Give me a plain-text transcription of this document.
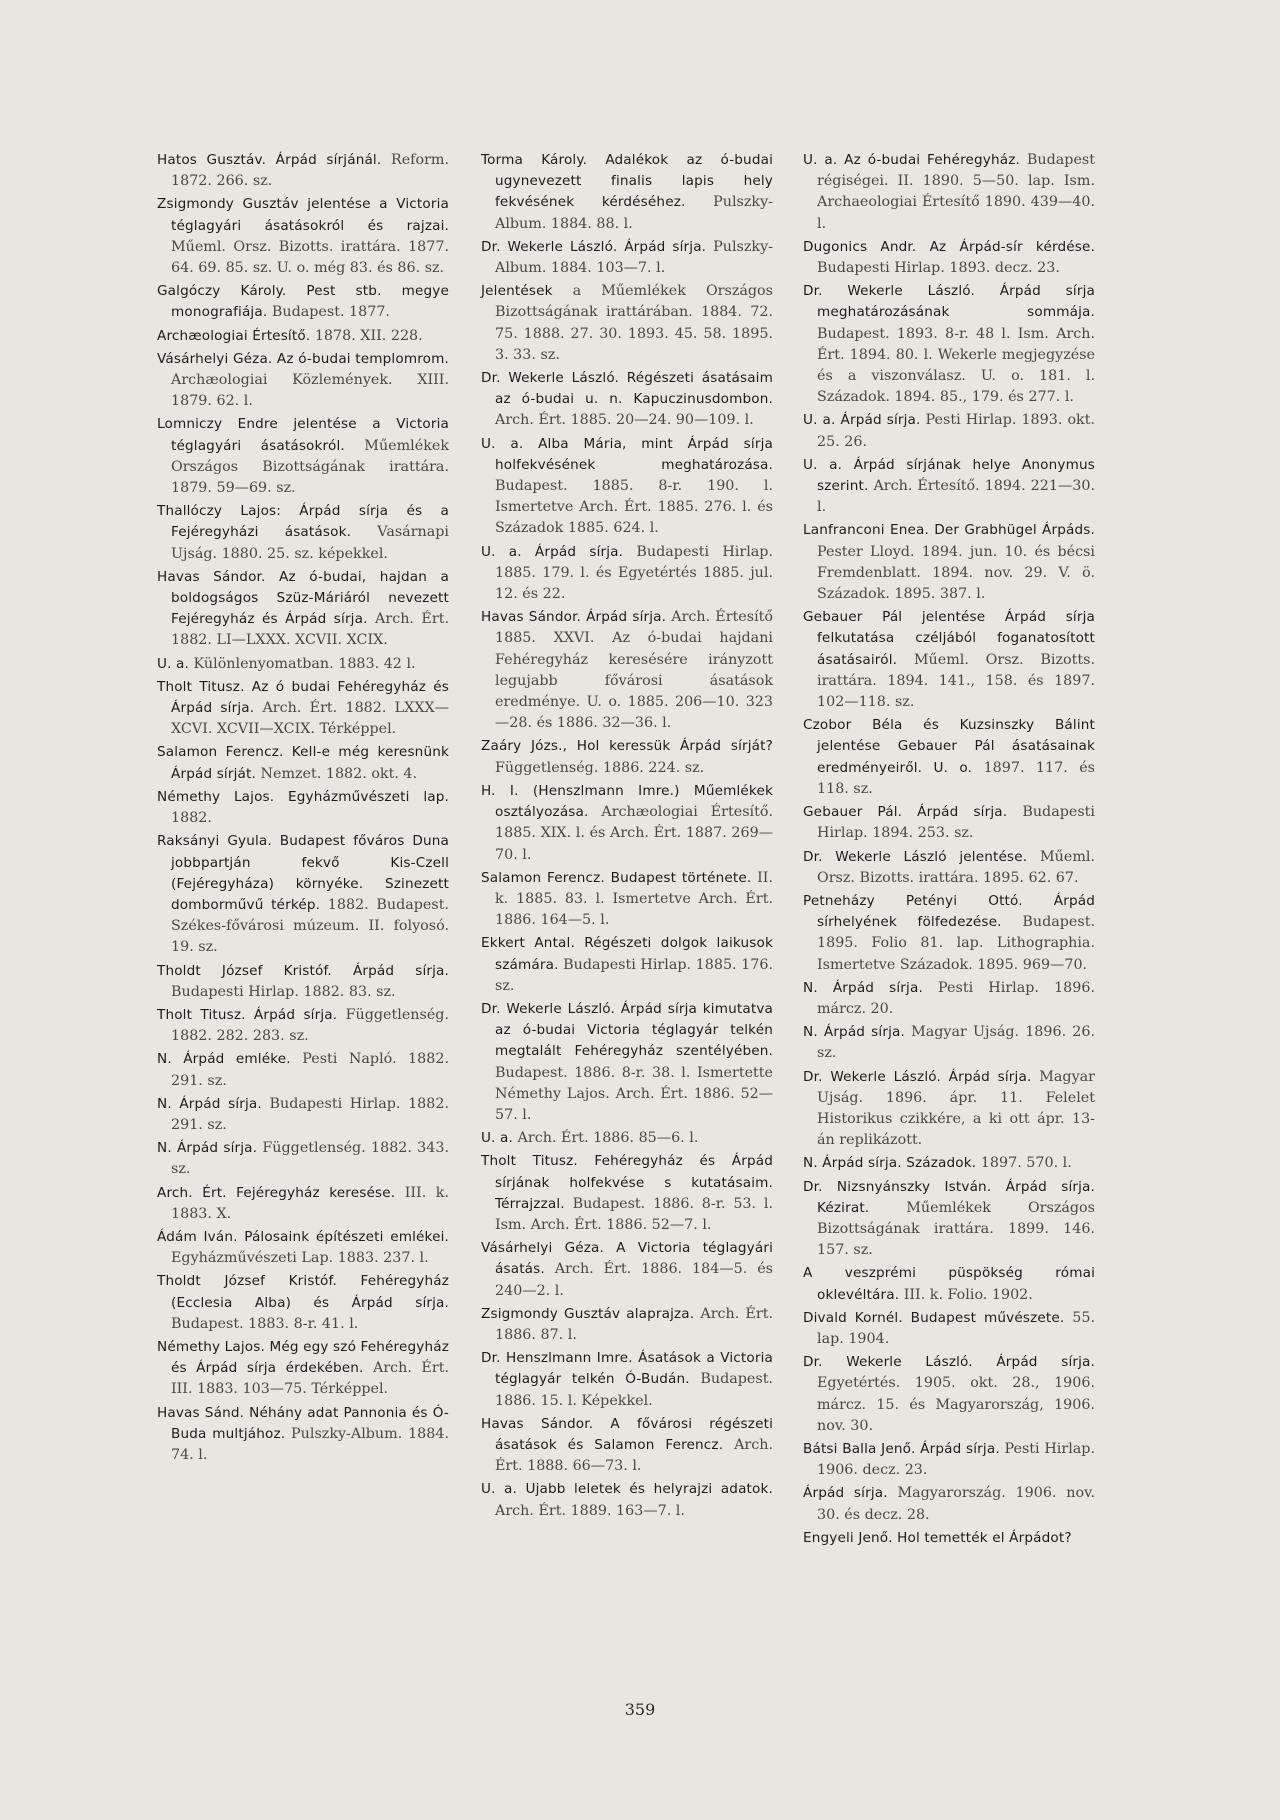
Hatos Gusztáv. Árpád sírjánál. Reform. 1872. 266. sz.

Zsigmondy Gusztáv jelentése a Victoria téglagyári ásatásokról és rajzai. Műeml. Orsz. Bizotts. irattára. 1877. 64. 69. 85. sz. U. o. még 83. és 86. sz.

Galgóczy Károly. Pest stb. megye monografiája. Budapest. 1877.

Archæologiai Értesítő. 1878. XII. 228.

Vásárhelyi Géza. Az ó-budai templomrom. Archæologiai Közlemények. XIII. 1879. 62. l.

Lomniczy Endre jelentése a Victoria téglagyári ásatásokról. Műemlékek Országos Bizottságának irattára. 1879. 59—69. sz.

Thallóczy Lajos: Árpád sírja és a Fejéregyházi ásatások. Vasárnapi Ujság. 1880. 25. sz. képekkel.

Havas Sándor. Az ó-budai, hajdan a boldogságos Szüz-Máriáról nevezett Fejéregyház és Árpád sírja. Arch. Ért. 1882. LI—LXXX. XCVII. XCIX.

U. a. Különlenyomatban. 1883. 42 l.

Tholt Titusz. Az ó budai Fehéregyház és Árpád sírja. Arch. Ért. 1882. LXXX—XCVI. XCVII—XCIX. Térképpel.

Salamon Ferencz. Kell-e még keresnünk Árpád sírját. Nemzet. 1882. okt. 4.

Némethy Lajos. Egyházművészeti lap. 1882.

Raksányi Gyula. Budapest főváros Duna jobbpartján fekvő Kis-Czell (Fejéregyháza) környéke. Szinezett domborművű térkép. 1882. Budapest. Székes-fővárosi múzeum. II. folyosó. 19. sz.

Tholdt József Kristóf. Árpád sírja. Budapesti Hirlap. 1882. 83. sz.

Tholt Titusz. Árpád sírja. Függetlenség. 1882. 282. 283. sz.

N. Árpád emléke. Pesti Napló. 1882. 291. sz.

N. Árpád sírja. Budapesti Hirlap. 1882. 291. sz.

N. Árpád sírja. Függetlenség. 1882. 343. sz.

Arch. Ért. Fejéregyház keresése. III. k. 1883. X.

Ádám Iván. Pálosaink építészeti emlékei. Egyházművészeti Lap. 1883. 237. l.

Tholdt József Kristóf. Fehéregyház (Ecclesia Alba) és Árpád sírja. Budapest. 1883. 8-r. 41. l.

Némethy Lajos. Még egy szó Fehéregyház és Árpád sírja érdekében. Arch. Ért. III. 1883. 103—75. Térképpel.

Havas Sánd. Néhány adat Pannonia és Ó-Buda multjához. Pulszky-Album. 1884. 74. l.

Torma Károly. Adalékok az ó-budai ugynevezett finalis lapis hely fekvésének kérdéséhez. Pulszky-Album. 1884. 88. l.

Dr. Wekerle László. Árpád sírja. Pulszky-Album. 1884. 103—7. l.

Jelentések a Műemlékek Országos Bizottságának irattárában. 1884. 72. 75. 1888. 27. 30. 1893. 45. 58. 1895. 3. 33. sz.

Dr. Wekerle László. Régészeti ásatásaim az ó-budai u. n. Kapuczinusdombon. Arch. Ért. 1885. 20—24. 90—109. l.

U. a. Alba Mária, mint Árpád sírja holfekvésének meghatározása. Budapest. 1885. 8-r. 190. l. Ismertetve Arch. Ért. 1885. 276. l. és Századok 1885. 624. l.

U. a. Árpád sírja. Budapesti Hirlap. 1885. 179. l. és Egyetértés 1885. jul. 12. és 22.

Havas Sándor. Árpád sírja. Arch. Értesítő 1885. XXVI. Az ó-budai hajdani Fehéregyház keresésére irányzott legujabb fővárosi ásatások eredménye. U. o. 1885. 206—10. 323—28. és 1886. 32—36. l.

Zaáry Józs., Hol keressük Árpád sírját? Függetlenség. 1886. 224. sz.

H. I. (Henszlmann Imre.) Műemlékek osztályozása. Archæologiai Értesítő. 1885. XIX. l. és Arch. Ért. 1887. 269—70. l.

Salamon Ferencz. Budapest története. II. k. 1885. 83. l. Ismertetve Arch. Ért. 1886. 164—5. l.

Ekkert Antal. Régészeti dolgok laikusok számára. Budapesti Hirlap. 1885. 176. sz.

Dr. Wekerle László. Árpád sírja kimutatva az ó-budai Victoria téglagyár telkén megtalált Fehéregyház szentélyében. Budapest. 1886. 8-r. 38. l. Ismertette Némethy Lajos. Arch. Ért. 1886. 52—57. l.

U. a. Arch. Ért. 1886. 85—6. l.

Tholt Titusz. Fehéregyház és Árpád sírjának holfekvése s kutatásaim. Térrajzzal. Budapest. 1886. 8-r. 53. l. Ism. Arch. Ért. 1886. 52—7. l.

Vásárhelyi Géza. A Victoria téglagyári ásatás. Arch. Ért. 1886. 184—5. és 240—2. l.

Zsigmondy Gusztáv alaprajza. Arch. Ért. 1886. 87. l.

Dr. Henszlmann Imre. Ásatások a Victoria téglagyár telkén Ó-Budán. Budapest. 1886. 15. l. Képekkel.

Havas Sándor. A fővárosi régészeti ásatások és Salamon Ferencz. Arch. Ért. 1888. 66—73. l.

U. a. Ujabb leletek és helyrajzi adatok. Arch. Ért. 1889. 163—7. l.

U. a. Az ó-budai Fehéregyház. Budapest régiségei. II. 1890. 5—50. lap. Ism. Archaeologiai Értesítő 1890. 439—40. l.

Dugonics Andr. Az Árpád-sír kérdése. Budapesti Hirlap. 1893. decz. 23.

Dr. Wekerle László. Árpád sírja meghatározásának sommája. Budapest. 1893. 8-r. 48 l. Ism. Arch. Ért. 1894. 80. l. Wekerle megjegyzése és a viszonválasz. U. o. 181. l. Századok. 1894. 85., 179. és 277. l.

U. a. Árpád sírja. Pesti Hirlap. 1893. okt. 25. 26.

U. a. Árpád sírjának helye Anonymus szerint. Arch. Értesítő. 1894. 221—30. l.

Lanfranconi Enea. Der Grabhügel Árpáds. Pester Lloyd. 1894. jun. 10. és bécsi Fremdenblatt. 1894. nov. 29. V. ö. Századok. 1895. 387. l.

Gebauer Pál jelentése Árpád sírja felkutatása czéljából foganatosított ásatásairól. Műeml. Orsz. Bizotts. irattára. 1894. 141., 158. és 1897. 102—118. sz.

Czobor Béla és Kuzsinszky Bálint jelentése Gebauer Pál ásatásainak eredményeiről. U. o. 1897. 117. és 118. sz.

Gebauer Pál. Árpád sírja. Budapesti Hirlap. 1894. 253. sz.

Dr. Wekerle László jelentése. Műeml. Orsz. Bizotts. irattára. 1895. 62. 67.

Petneházy Petényi Ottó. Árpád sírhelyének fölfedezése. Budapest. 1895. Folio 81. lap. Lithographia. Ismertetve Századok. 1895. 969—70.

N. Árpád sírja. Pesti Hirlap. 1896. márcz. 20.

N. Árpád sírja. Magyar Ujság. 1896. 26. sz.

Dr. Wekerle László. Árpád sírja. Magyar Ujság. 1896. ápr. 11. Felelet Historikus czikkére, a ki ott ápr. 13-án replikázott.

N. Árpád sírja. Századok. 1897. 570. l.

Dr. Nizsnyánszky István. Árpád sírja. Kézirat. Műemlékek Országos Bizottságának irattára. 1899. 146. 157. sz.

A veszprémi püspökség római oklevéltára. III. k. Folio. 1902.

Divald Kornél. Budapest művészete. 55. lap. 1904.

Dr. Wekerle László. Árpád sírja. Egyetértés. 1905. okt. 28., 1906. márcz. 15. és Magyarország, 1906. nov. 30.

Bátsi Balla Jenő. Árpád sírja. Pesti Hirlap. 1906. decz. 23.

Árpád sírja. Magyarország. 1906. nov. 30. és decz. 28.

Engyeli Jenő. Hol temették el Árpádot?

359
